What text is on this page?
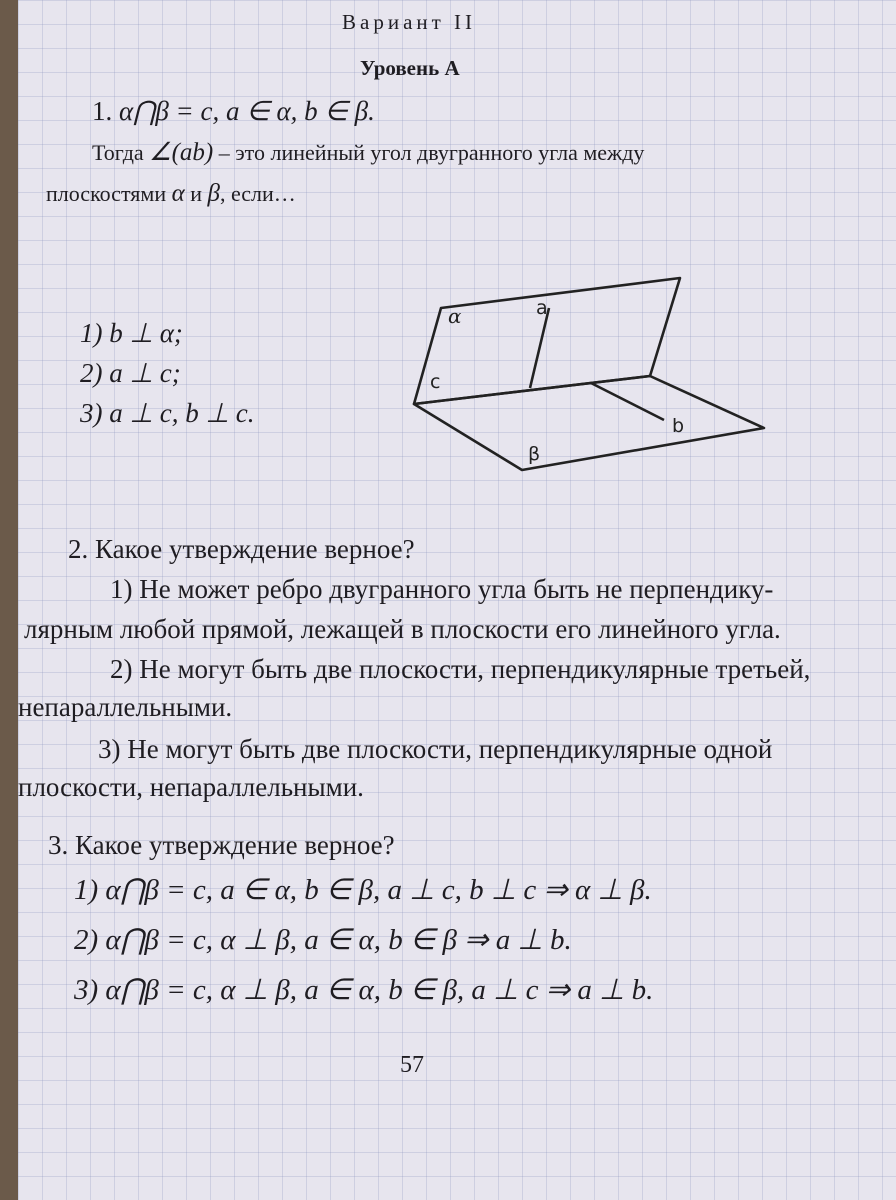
Вариант II
Уровень А
1. α⋂β = c, a ∈ α, b ∈ β.
Тогда ∠(ab) – это линейный угол двугранного угла между
плоскостями α и β, если…
1) b ⊥ α;
2) a ⊥ c;
3) a ⊥ c, b ⊥ c.
α	a
c
b
β
2. Какое утверждение верное?
1) Не может ребро двугранного угла быть не перпендику-
лярным любой прямой, лежащей в плоскости его линейного угла.
2) Не могут быть две плоскости, перпендикулярные третьей,
непараллельными.
3) Не могут быть две плоскости, перпендикулярные одной
плоскости, непараллельными.
3. Какое утверждение верное?
1) α⋂β = c, a ∈ α, b ∈ β, a ⊥ c, b ⊥ c ⇒ α ⊥ β.
2) α⋂β = c, α ⊥ β, a ∈ α, b ∈ β ⇒ a ⊥ b.
3) α⋂β = c, α ⊥ β, a ∈ α, b ∈ β, a ⊥ c ⇒ a ⊥ b.
57
